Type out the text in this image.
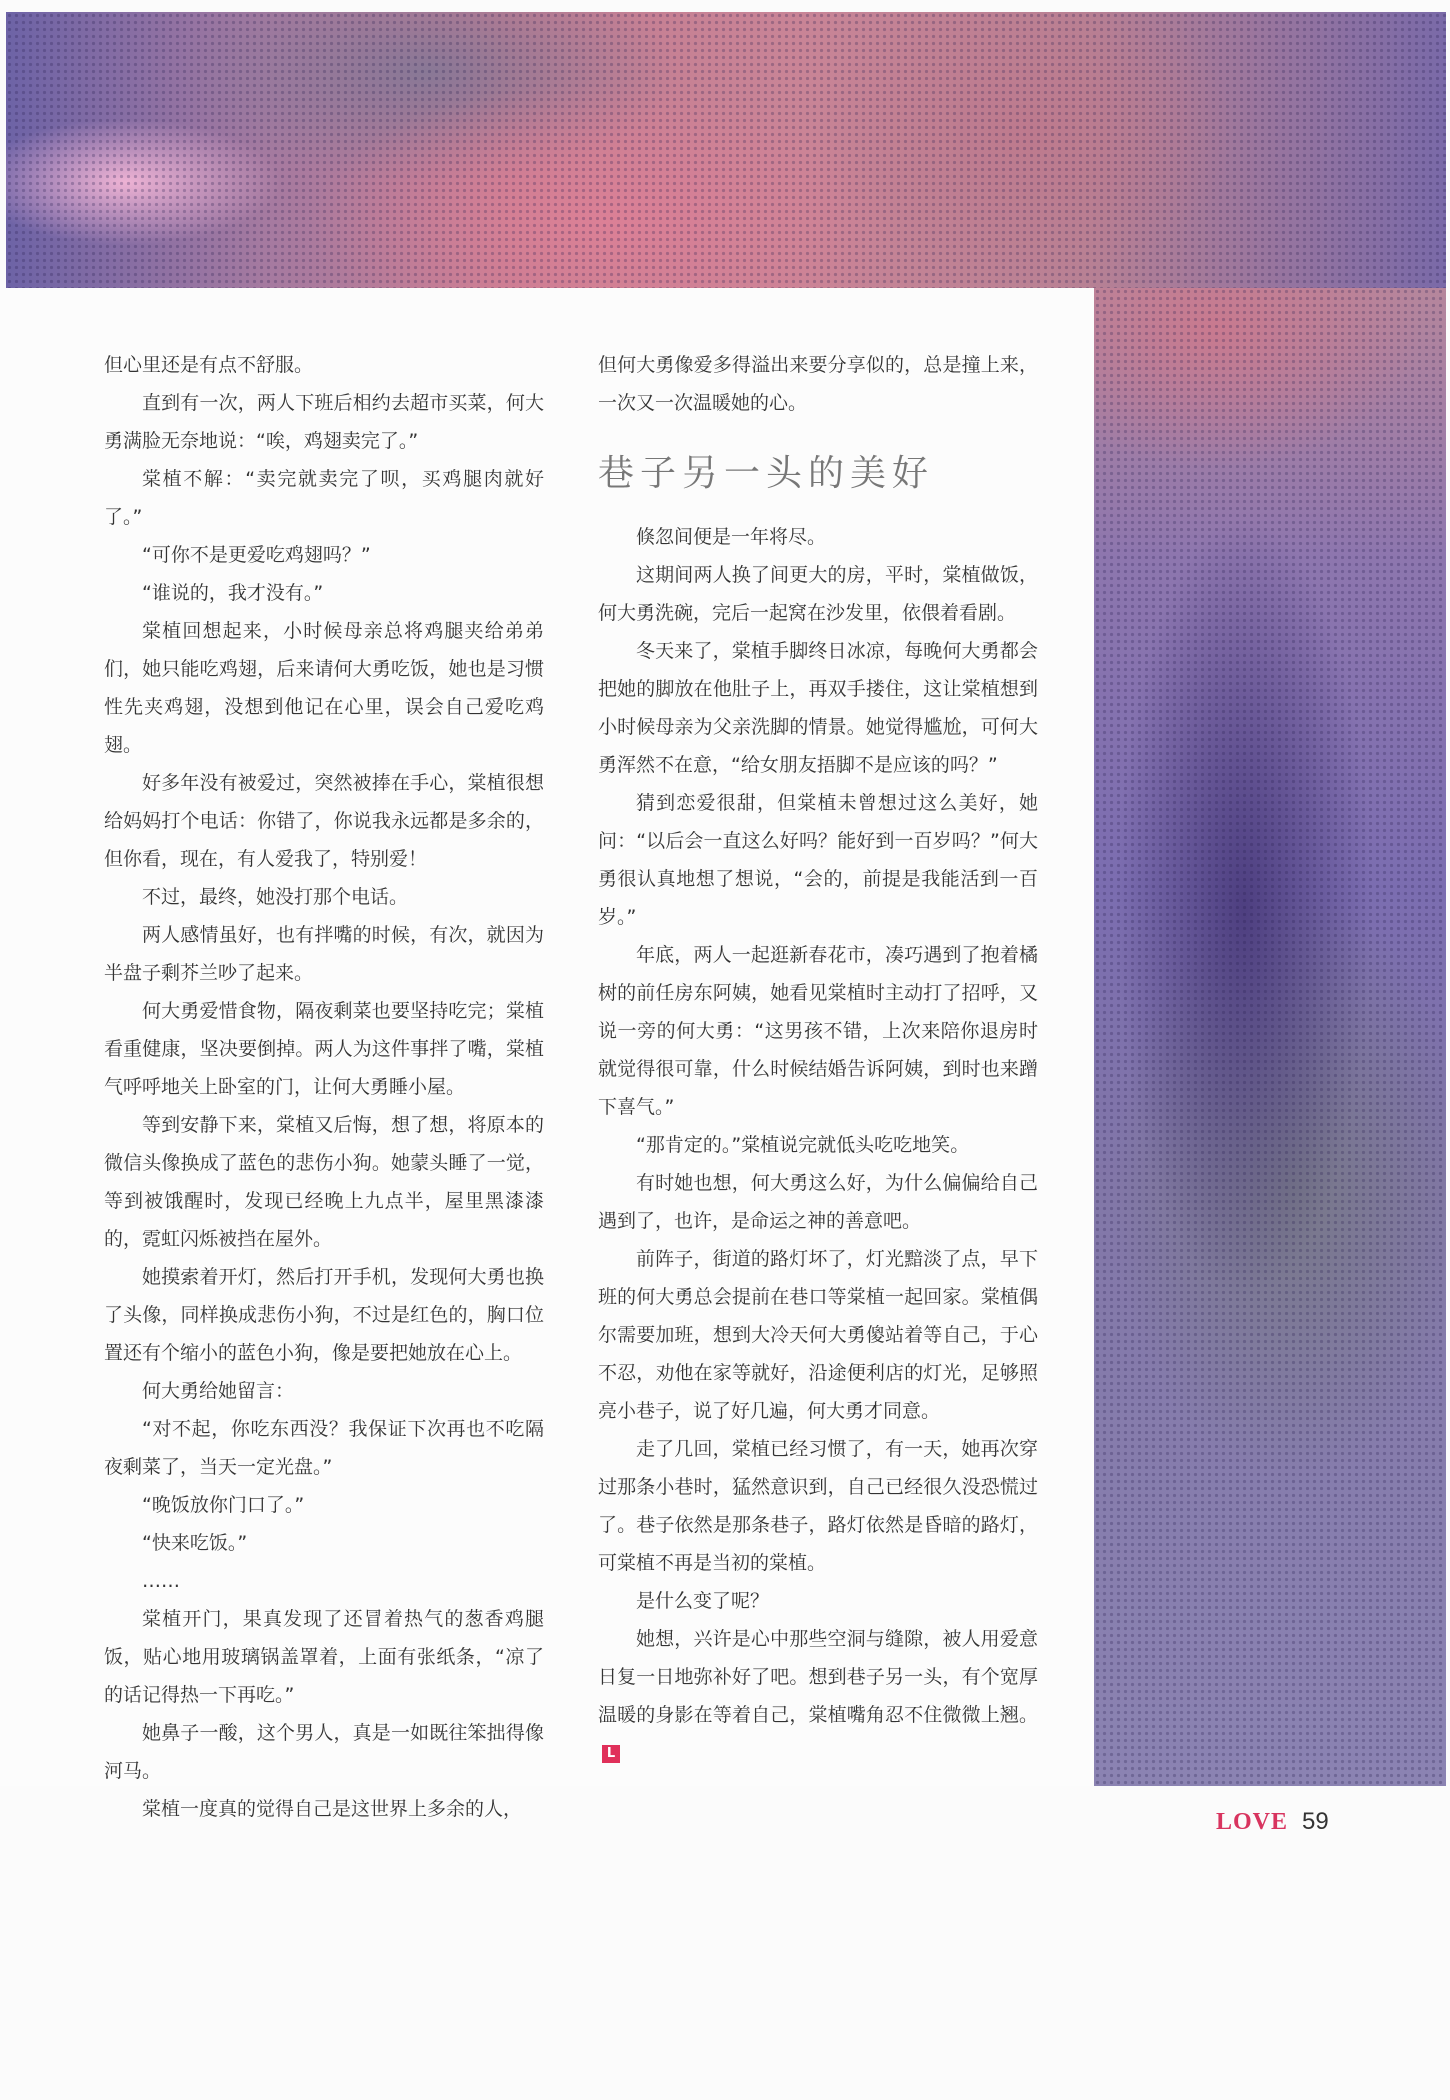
但心里还是有点不舒服。

直到有一次，两人下班后相约去超市买菜，何大勇满脸无奈地说：“唉，鸡翅卖完了。”

棠植不解：“卖完就卖完了呗，买鸡腿肉就好了。”

“可你不是更爱吃鸡翅吗？”

“谁说的，我才没有。”

棠植回想起来，小时候母亲总将鸡腿夹给弟弟们，她只能吃鸡翅，后来请何大勇吃饭，她也是习惯性先夹鸡翅，没想到他记在心里，误会自己爱吃鸡翅。

好多年没有被爱过，突然被捧在手心，棠植很想给妈妈打个电话：你错了，你说我永远都是多余的，但你看，现在，有人爱我了，特别爱！

不过，最终，她没打那个电话。

两人感情虽好，也有拌嘴的时候，有次，就因为半盘子剩芥兰吵了起来。

何大勇爱惜食物，隔夜剩菜也要坚持吃完；棠植看重健康，坚决要倒掉。两人为这件事拌了嘴，棠植气呼呼地关上卧室的门，让何大勇睡小屋。

等到安静下来，棠植又后悔，想了想，将原本的微信头像换成了蓝色的悲伤小狗。她蒙头睡了一觉，等到被饿醒时，发现已经晚上九点半，屋里黑漆漆的，霓虹闪烁被挡在屋外。

她摸索着开灯，然后打开手机，发现何大勇也换了头像，同样换成悲伤小狗，不过是红色的，胸口位置还有个缩小的蓝色小狗，像是要把她放在心上。

何大勇给她留言：

“对不起，你吃东西没？我保证下次再也不吃隔夜剩菜了，当天一定光盘。”

“晚饭放你门口了。”

“快来吃饭。”

……

棠植开门，果真发现了还冒着热气的葱香鸡腿饭，贴心地用玻璃锅盖罩着，上面有张纸条，“凉了的话记得热一下再吃。”

她鼻子一酸，这个男人，真是一如既往笨拙得像河马。

棠植一度真的觉得自己是这世界上多余的人，

但何大勇像爱多得溢出来要分享似的，总是撞上来，一次又一次温暖她的心。

巷子另一头的美好

倏忽间便是一年将尽。

这期间两人换了间更大的房，平时，棠植做饭，何大勇洗碗，完后一起窝在沙发里，依偎着看剧。

冬天来了，棠植手脚终日冰凉，每晚何大勇都会把她的脚放在他肚子上，再双手搂住，这让棠植想到小时候母亲为父亲洗脚的情景。她觉得尴尬，可何大勇浑然不在意，“给女朋友捂脚不是应该的吗？”

猜到恋爱很甜，但棠植未曾想过这么美好，她问：“以后会一直这么好吗？能好到一百岁吗？”何大勇很认真地想了想说，“会的，前提是我能活到一百岁。”

年底，两人一起逛新春花市，凑巧遇到了抱着橘树的前任房东阿姨，她看见棠植时主动打了招呼，又说一旁的何大勇：“这男孩不错，上次来陪你退房时就觉得很可靠，什么时候结婚告诉阿姨，到时也来蹭下喜气。”

“那肯定的。”棠植说完就低头吃吃地笑。

有时她也想，何大勇这么好，为什么偏偏给自己遇到了，也许，是命运之神的善意吧。

前阵子，街道的路灯坏了，灯光黯淡了点，早下班的何大勇总会提前在巷口等棠植一起回家。棠植偶尔需要加班，想到大冷天何大勇傻站着等自己，于心不忍，劝他在家等就好，沿途便利店的灯光，足够照亮小巷子，说了好几遍，何大勇才同意。

走了几回，棠植已经习惯了，有一天，她再次穿过那条小巷时，猛然意识到，自己已经很久没恐慌过了。巷子依然是那条巷子，路灯依然是昏暗的路灯，可棠植不再是当初的棠植。

是什么变了呢？

她想，兴许是心中那些空洞与缝隙，被人用爱意日复一日地弥补好了吧。想到巷子另一头，有个宽厚温暖的身影在等着自己，棠植嘴角忍不住微微上翘。L

LOVE 59
